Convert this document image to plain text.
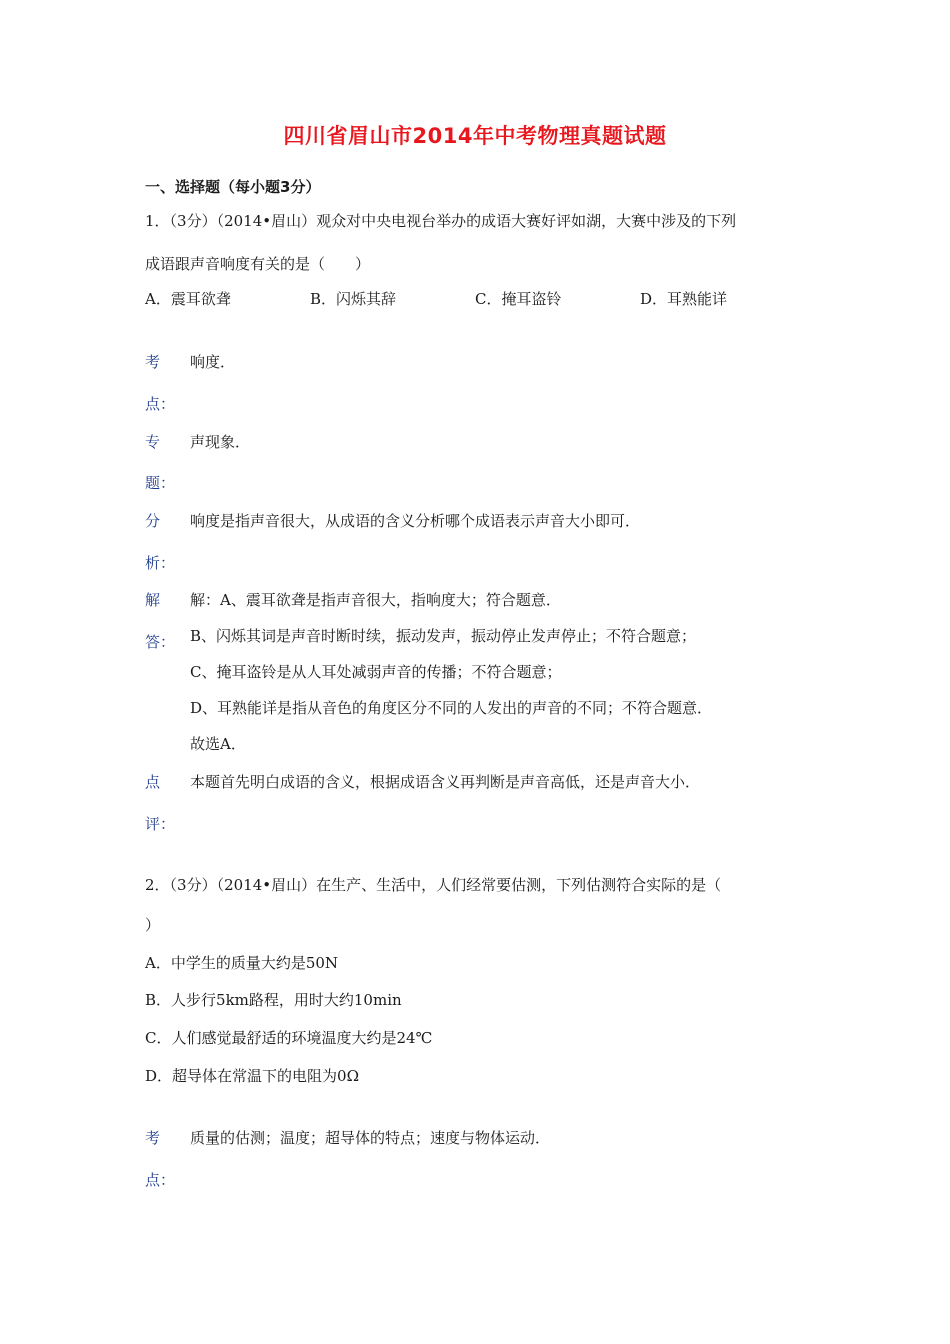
四川省眉山市2014年中考物理真题试题
一、选择题（每小题3分）
1．（3分）（2014•眉山）观众对中央电视台举办的成语大赛好评如湖，大赛中涉及的下列
成语跟声音响度有关的是（　　）
A．震耳欲聋	B．闪烁其辞	C．掩耳盗铃	D．耳熟能详
考
点：
响度．
专
题：
声现象．
分
析：
响度是指声音很大，从成语的含义分析哪个成语表示声音大小即可．
解
答：
解：A、震耳欲聋是指声音很大，指响度大；符合题意．
B、闪烁其词是声音时断时续，振动发声，振动停止发声停止；不符合题意；
C、掩耳盗铃是从人耳处减弱声音的传播；不符合题意；
D、耳熟能详是指从音色的角度区分不同的人发出的声音的不同；不符合题意．
故选A．
点
评：
本题首先明白成语的含义，根据成语含义再判断是声音高低，还是声音大小．
2．（3分）（2014•眉山）在生产、生活中，人们经常要估测，下列估测符合实际的是（
）
A．中学生的质量大约是50N
B．人步行5km路程，用时大约10min
C．人们感觉最舒适的环境温度大约是24℃
D．超导体在常温下的电阻为0Ω
考
点：
质量的估测；温度；超导体的特点；速度与物体运动．
